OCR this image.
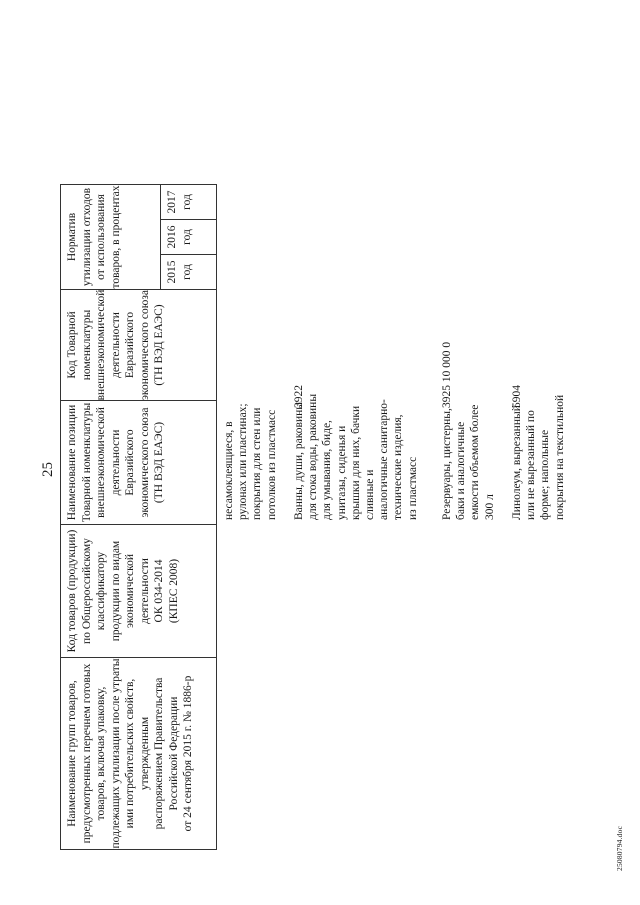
25
Наименование групп товаров, предусмотренных перечнем готовых товаров, включая упаковку, подлежащих утилизации после утраты ими потребительских свойств, утвержденным распоряжением Правительства Российской Федерации от 24 сентября 2015 г. № 1886-р
Код товаров (продукции) по Общероссийскому классификатору продукции по видам экономической деятельности ОК 034-2014 (КПЕС 2008)
Наименование позиции Товарной номенклатуры внешнеэкономической деятельности Евразийского экономического союза (ТН ВЭД ЕАЭС)
Код Товарной номенклатуры внешнеэкономической деятельности Евразийского экономического союза (ТН ВЭД ЕАЭС)
Норматив утилизации отходов от использования товаров, в процентах	2015 год
2016 год
2017 год
несамоклеящиеся, в рулонах или пластинах; покрытия для стен или потолков из пластмасс Ванны, души, раковины для стока воды, раковины для умывания, биде, унитазы, сиденья и крышки для них, бачки сливные и аналогичные санитарно- технические изделия, из пластмасс
3922
Резервуары, цистерны, баки и аналогичные емкости объемом более 300 л
3925 10 000 0
Линолеум, вырезанный или не вырезанный по форме; напольные покрытия на текстильной
5904
25080794.doc
